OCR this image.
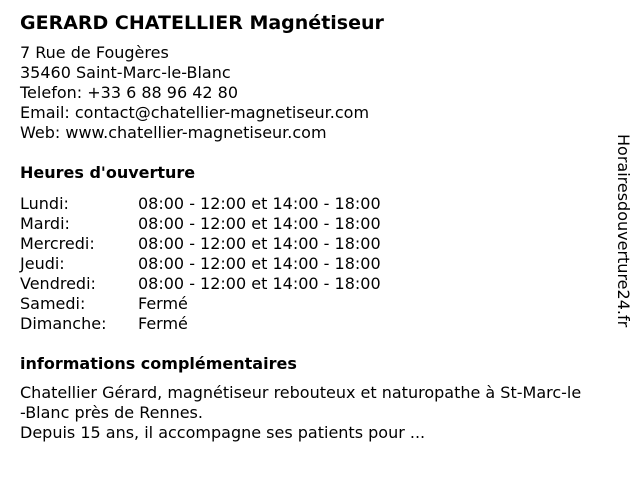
GERARD CHATELLIER Magnétiseur
7 Rue de Fougères
35460 Saint-Marc-le-Blanc
Telefon: +33 6 88 96 42 80
Email: contact@chatellier-magnetiseur.com
Web: www.chatellier-magnetiseur.com
Heures d'ouverture
Lundi:	08:00 - 12:00 et 14:00 - 18:00
Mardi:	08:00 - 12:00 et 14:00 - 18:00
Mercredi:	08:00 - 12:00 et 14:00 - 18:00
Jeudi:	08:00 - 12:00 et 14:00 - 18:00
Vendredi:	08:00 - 12:00 et 14:00 - 18:00
Samedi:	Fermé
Dimanche: Fermé
informations complémentaires
Chatellier Gérard, magnétiseur rebouteux et naturopathe à St-Marc-le
-Blanc près de Rennes.
Depuis 15 ans, il accompagne ses patients pour ...
Horairesdouverture24.fr
